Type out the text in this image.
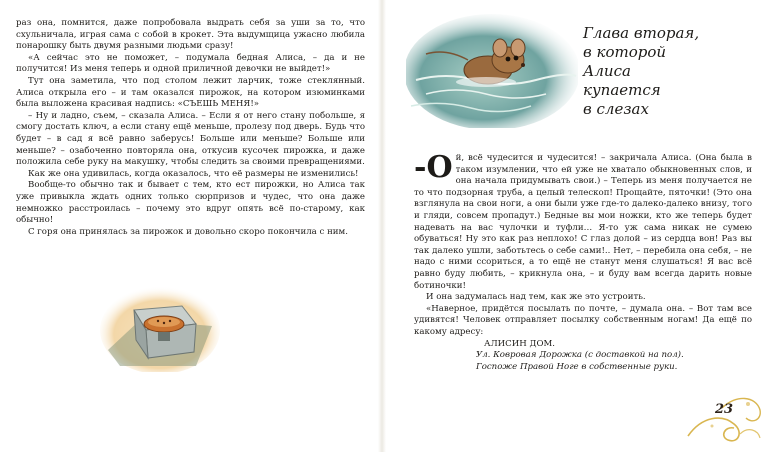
раз она, помнится, даже попробовала выдрать себя за уши за то, что схульничала, играя сама с собой в крокет. Эта выдумщица ужасно любила понарошку быть двумя разными людьми сразу!

«А сейчас это не поможет, – подумала бедная Алиса, – да и не получится! Из меня теперь и одной приличной девочки не выйдет!»

Тут она заметила, что под столом лежит ларчик, тоже стеклянный. Алиса открыла его – и там оказался пирожок, на котором изюминками была выложена красивая надпись: «СЪЕШЬ МЕНЯ!»

– Ну и ладно, съем, – сказала Алиса. – Если я от него стану побольше, я смогу достать ключ, а если стану ещё меньше, пролезу под дверь. Будь что будет – в сад я всё равно заберусь! Больше или меньше? Больше или меньше? – озабоченно повторяла она, откусив кусочек пирожка, и даже положила себе руку на макушку, чтобы следить за своими превращениями.

Как же она удивилась, когда оказалось, что её размеры не изменились!

Вообще-то обычно так и бывает с тем, кто ест пирожки, но Алиса так уже привыкла ждать одних только сюрпризов и чудес, что она даже немножко расстроилась – почему это вдруг опять всё по-старому, как обычно!

С горя она принялась за пирожок и довольно скоро покончила с ним.

Глава вторая,
в которой
Алиса
купается
в слезах

-О й, всё чудесится и чудесится! – закричала Алиса. (Она была в таком изумлении, что ей уже не хватало обыкновенных слов, и она начала придумывать свои.) – Теперь из меня получается не то что подзорная труба, а целый телескоп! Прощайте, пяточки! (Это она взглянула на свои ноги, а они были уже где-то далеко-далеко внизу, того и гляди, совсем пропадут.) Бедные вы мои ножки, кто же теперь будет надевать на вас чулочки и туфли… Я-то уж сама никак не сумею обуваться! Ну это как раз неплохо! С глаз долой – из сердца вон! Раз вы так далеко ушли, заботьтесь о себе сами!.. Нет, – перебила она себя, – не надо с ними ссориться, а то ещё не станут меня слушаться! Я вас всё равно буду любить, – крикнула она, – и буду вам всегда дарить новые ботиночки!

И она задумалась над тем, как же это устроить.

«Наверное, придётся посылать по почте, – думала она. – Вот там все удивятся! Человек отправляет посылку собственным ногам! Да ещё по какому адресу:

АЛИСИН ДОМ.

Ул. Ковровая Дорожка (с доставкой на пол).

Госпоже Правой Ноге в собственные руки.

23
